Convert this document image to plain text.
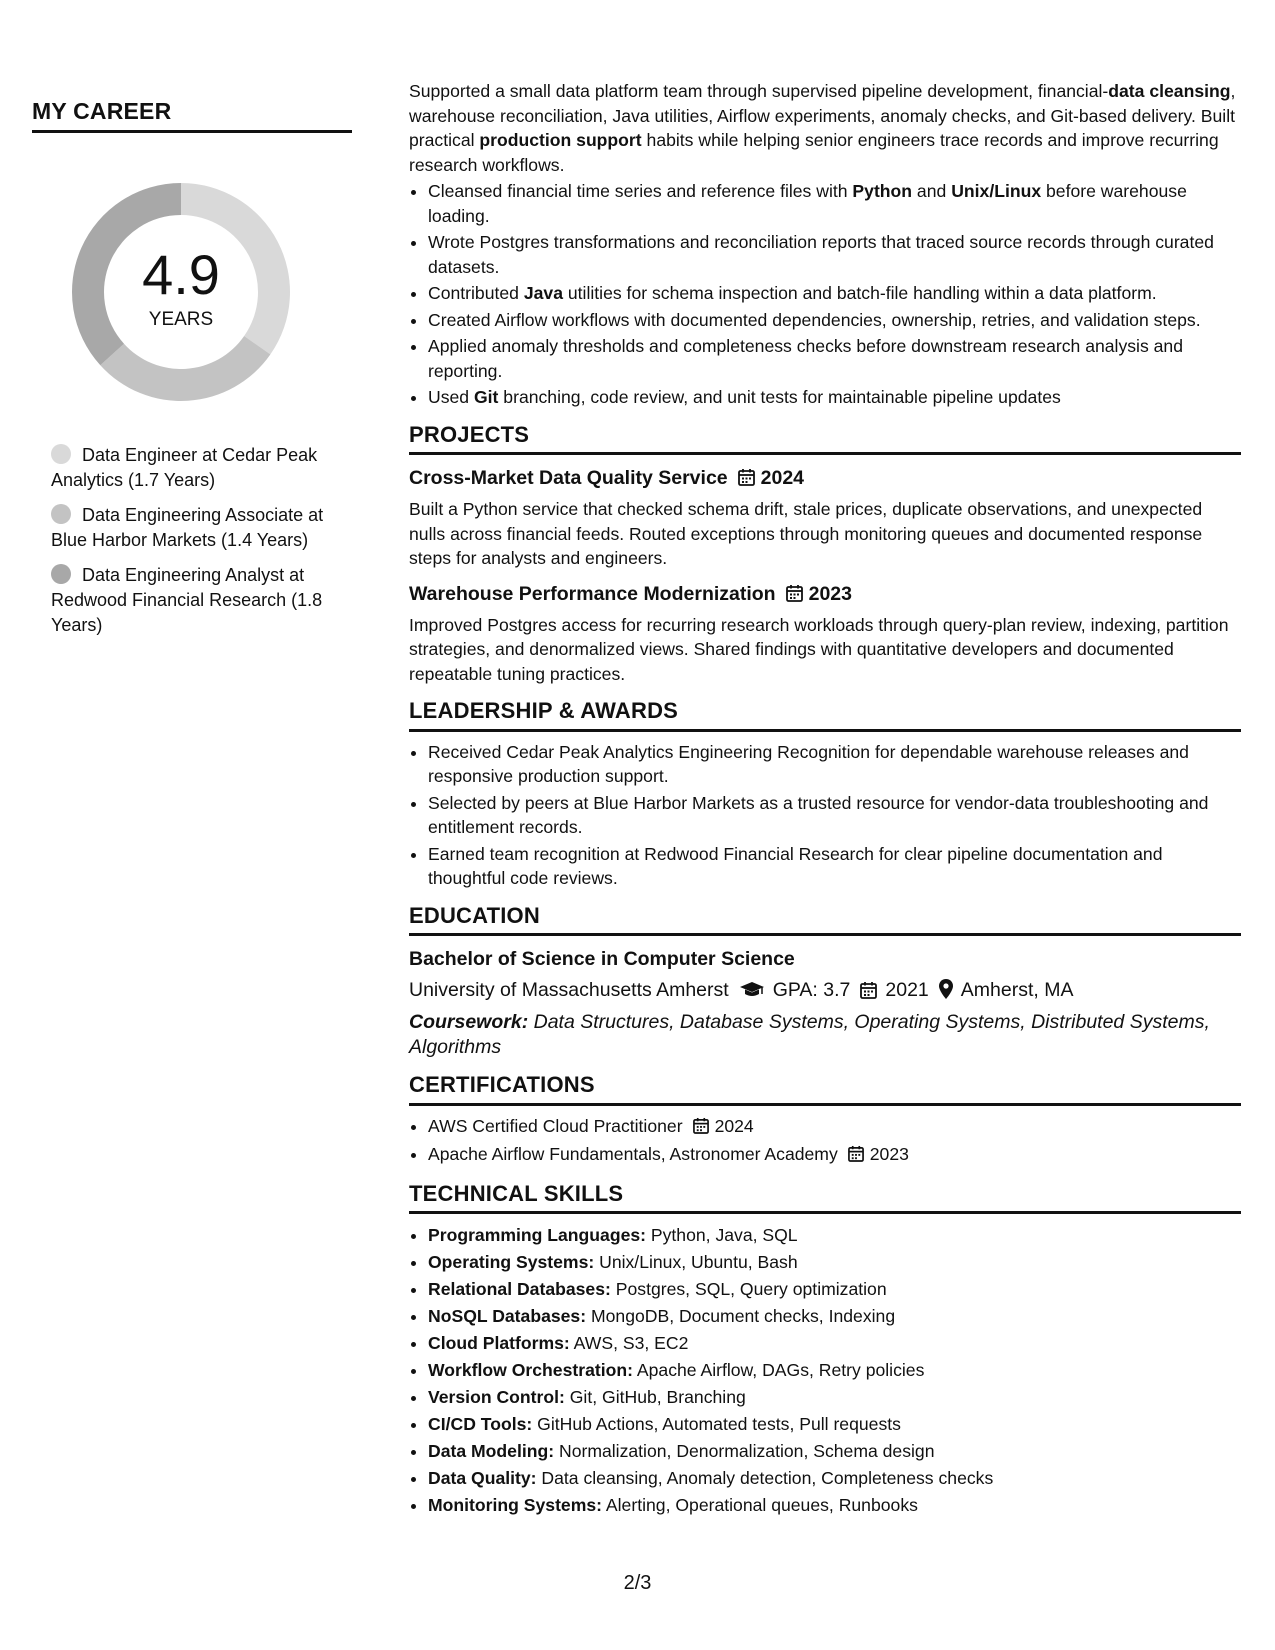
MY CAREER
4.9
YEARS
Data Engineer at Cedar Peak Analytics (1.7 Years)
Data Engineering Associate at Blue Harbor Markets (1.4 Years)
Data Engineering Analyst at Redwood Financial Research (1.8 Years)

Supported a small data platform team through supervised pipeline development, financial-data cleansing, warehouse reconciliation, Java utilities, Airflow experiments, anomaly checks, and Git-based delivery. Built practical production support habits while helping senior engineers trace records and improve recurring research workflows.

• Cleansed financial time series and reference files with Python and Unix/Linux before warehouse loading.
• Wrote Postgres transformations and reconciliation reports that traced source records through curated datasets.
• Contributed Java utilities for schema inspection and batch-file handling within a data platform.
• Created Airflow workflows with documented dependencies, ownership, retries, and validation steps.
• Applied anomaly thresholds and completeness checks before downstream research analysis and reporting.
• Used Git branching, code review, and unit tests for maintainable pipeline updates
PROJECTS
Cross-Market Data Quality Service 2024

Built a Python service that checked schema drift, stale prices, duplicate observations, and unexpected nulls across financial feeds. Routed exceptions through monitoring queues and documented response steps for analysts and engineers.

Warehouse Performance Modernization 2023

Improved Postgres access for recurring research workloads through query-plan review, indexing, partition strategies, and denormalized views. Shared findings with quantitative developers and documented repeatable tuning practices.

LEADERSHIP & AWARDS
• Received Cedar Peak Analytics Engineering Recognition for dependable warehouse releases and responsive production support.
• Selected by peers at Blue Harbor Markets as a trusted resource for vendor-data troubleshooting and entitlement records.
• Earned team recognition at Redwood Financial Research for clear pipeline documentation and thoughtful code reviews.
EDUCATION
Bachelor of Science in Computer Science
University of Massachusetts Amherst GPA: 3.7 2021 Amherst, MA
Coursework: Data Structures, Database Systems, Operating Systems, Distributed Systems, Algorithms
CERTIFICATIONS
• AWS Certified Cloud Practitioner 2024
• Apache Airflow Fundamentals, Astronomer Academy 2023
TECHNICAL SKILLS
• Programming Languages: Python, Java, SQL
• Operating Systems: Unix/Linux, Ubuntu, Bash
• Relational Databases: Postgres, SQL, Query optimization
• NoSQL Databases: MongoDB, Document checks, Indexing
• Cloud Platforms: AWS, S3, EC2
• Workflow Orchestration: Apache Airflow, DAGs, Retry policies
• Version Control: Git, GitHub, Branching
• CI/CD Tools: GitHub Actions, Automated tests, Pull requests
• Data Modeling: Normalization, Denormalization, Schema design
• Data Quality: Data cleansing, Anomaly detection, Completeness checks
• Monitoring Systems: Alerting, Operational queues, Runbooks
2/3
